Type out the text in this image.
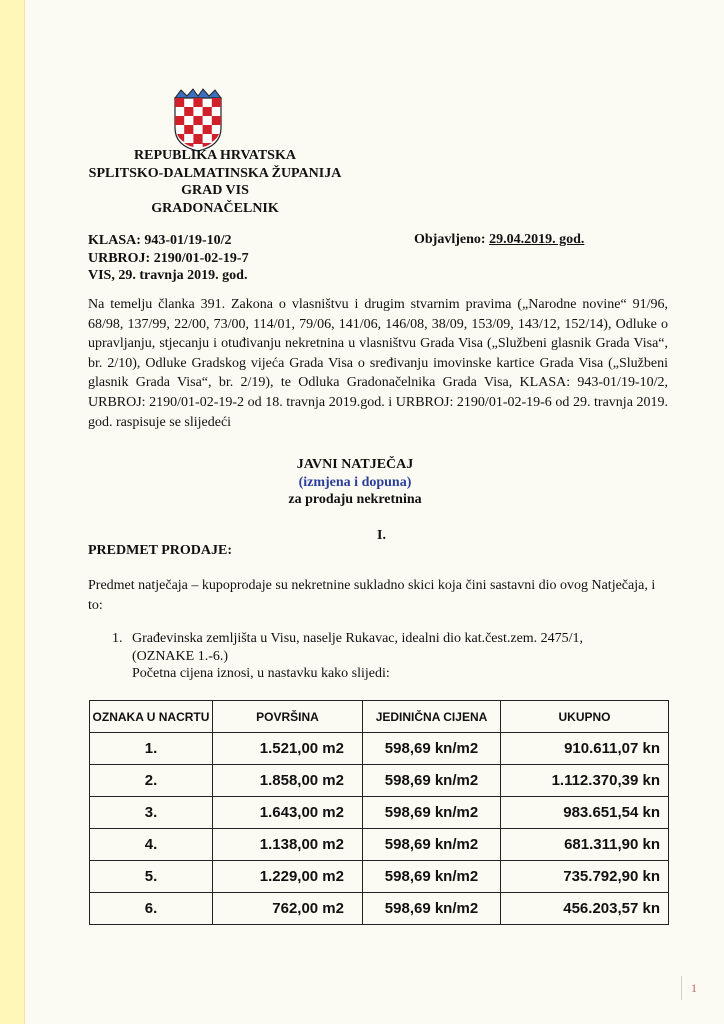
REPUBLIKA HRVATSKA
SPLITSKO-DALMATINSKA ŽUPANIJA
GRAD VIS
GRADONAČELNIK
KLASA: 943-01/19-10/2
URBROJ: 2190/01-02-19-7
VIS, 29. travnja 2019. god.
Objavljeno: 29.04.2019. god.
Na temelju članka 391. Zakona o vlasništvu i drugim stvarnim pravima („Narodne novine“ 91/96, 68/98, 137/99, 22/00, 73/00, 114/01, 79/06, 141/06, 146/08, 38/09, 153/09, 143/12, 152/14), Odluke o upravljanju, stjecanju i otuđivanju nekretnina u vlasništvu Grada Visa („Službeni glasnik Grada Visa“, br. 2/10), Odluke Gradskog vijeća Grada Visa o sređivanju imovinske kartice Grada Visa („Službeni glasnik Grada Visa“, br. 2/19), te Odluka Gradonačelnika Grada Visa, KLASA: 943-01/19-10/2, URBROJ: 2190/01-02-19-2 od 18. travnja 2019.god. i URBROJ: 2190/01-02-19-6 od 29. travnja 2019. god. raspisuje se slijedeći
JAVNI NATJEČAJ
(izmjena i dopuna)
za prodaju nekretnina
I.
PREDMET PRODAJE:
Predmet natječaja – kupoprodaje su nekretnine sukladno skici koja čini sastavni dio ovog Natječaja, i to:
1. Građevinska zemljišta u Visu, naselje Rukavac, idealni dio kat.čest.zem. 2475/1,
(OZNAKE 1.-6.)
Početna cijena iznosi, u nastavku kako slijedi:
OZNAKA U NACRTU	POVRŠINA	JEDINIČNA CIJENA	UKUPNO
1.	1.521,00 m2	598,69 kn/m2	910.611,07 kn
2.	1.858,00 m2	598,69 kn/m2	1.112.370,39 kn
3.	1.643,00 m2	598,69 kn/m2	983.651,54 kn
4.	1.138,00 m2	598,69 kn/m2	681.311,90 kn
5.	1.229,00 m2	598,69 kn/m2	735.792,90 kn
6.	762,00 m2	598,69 kn/m2	456.203,57 kn
1
